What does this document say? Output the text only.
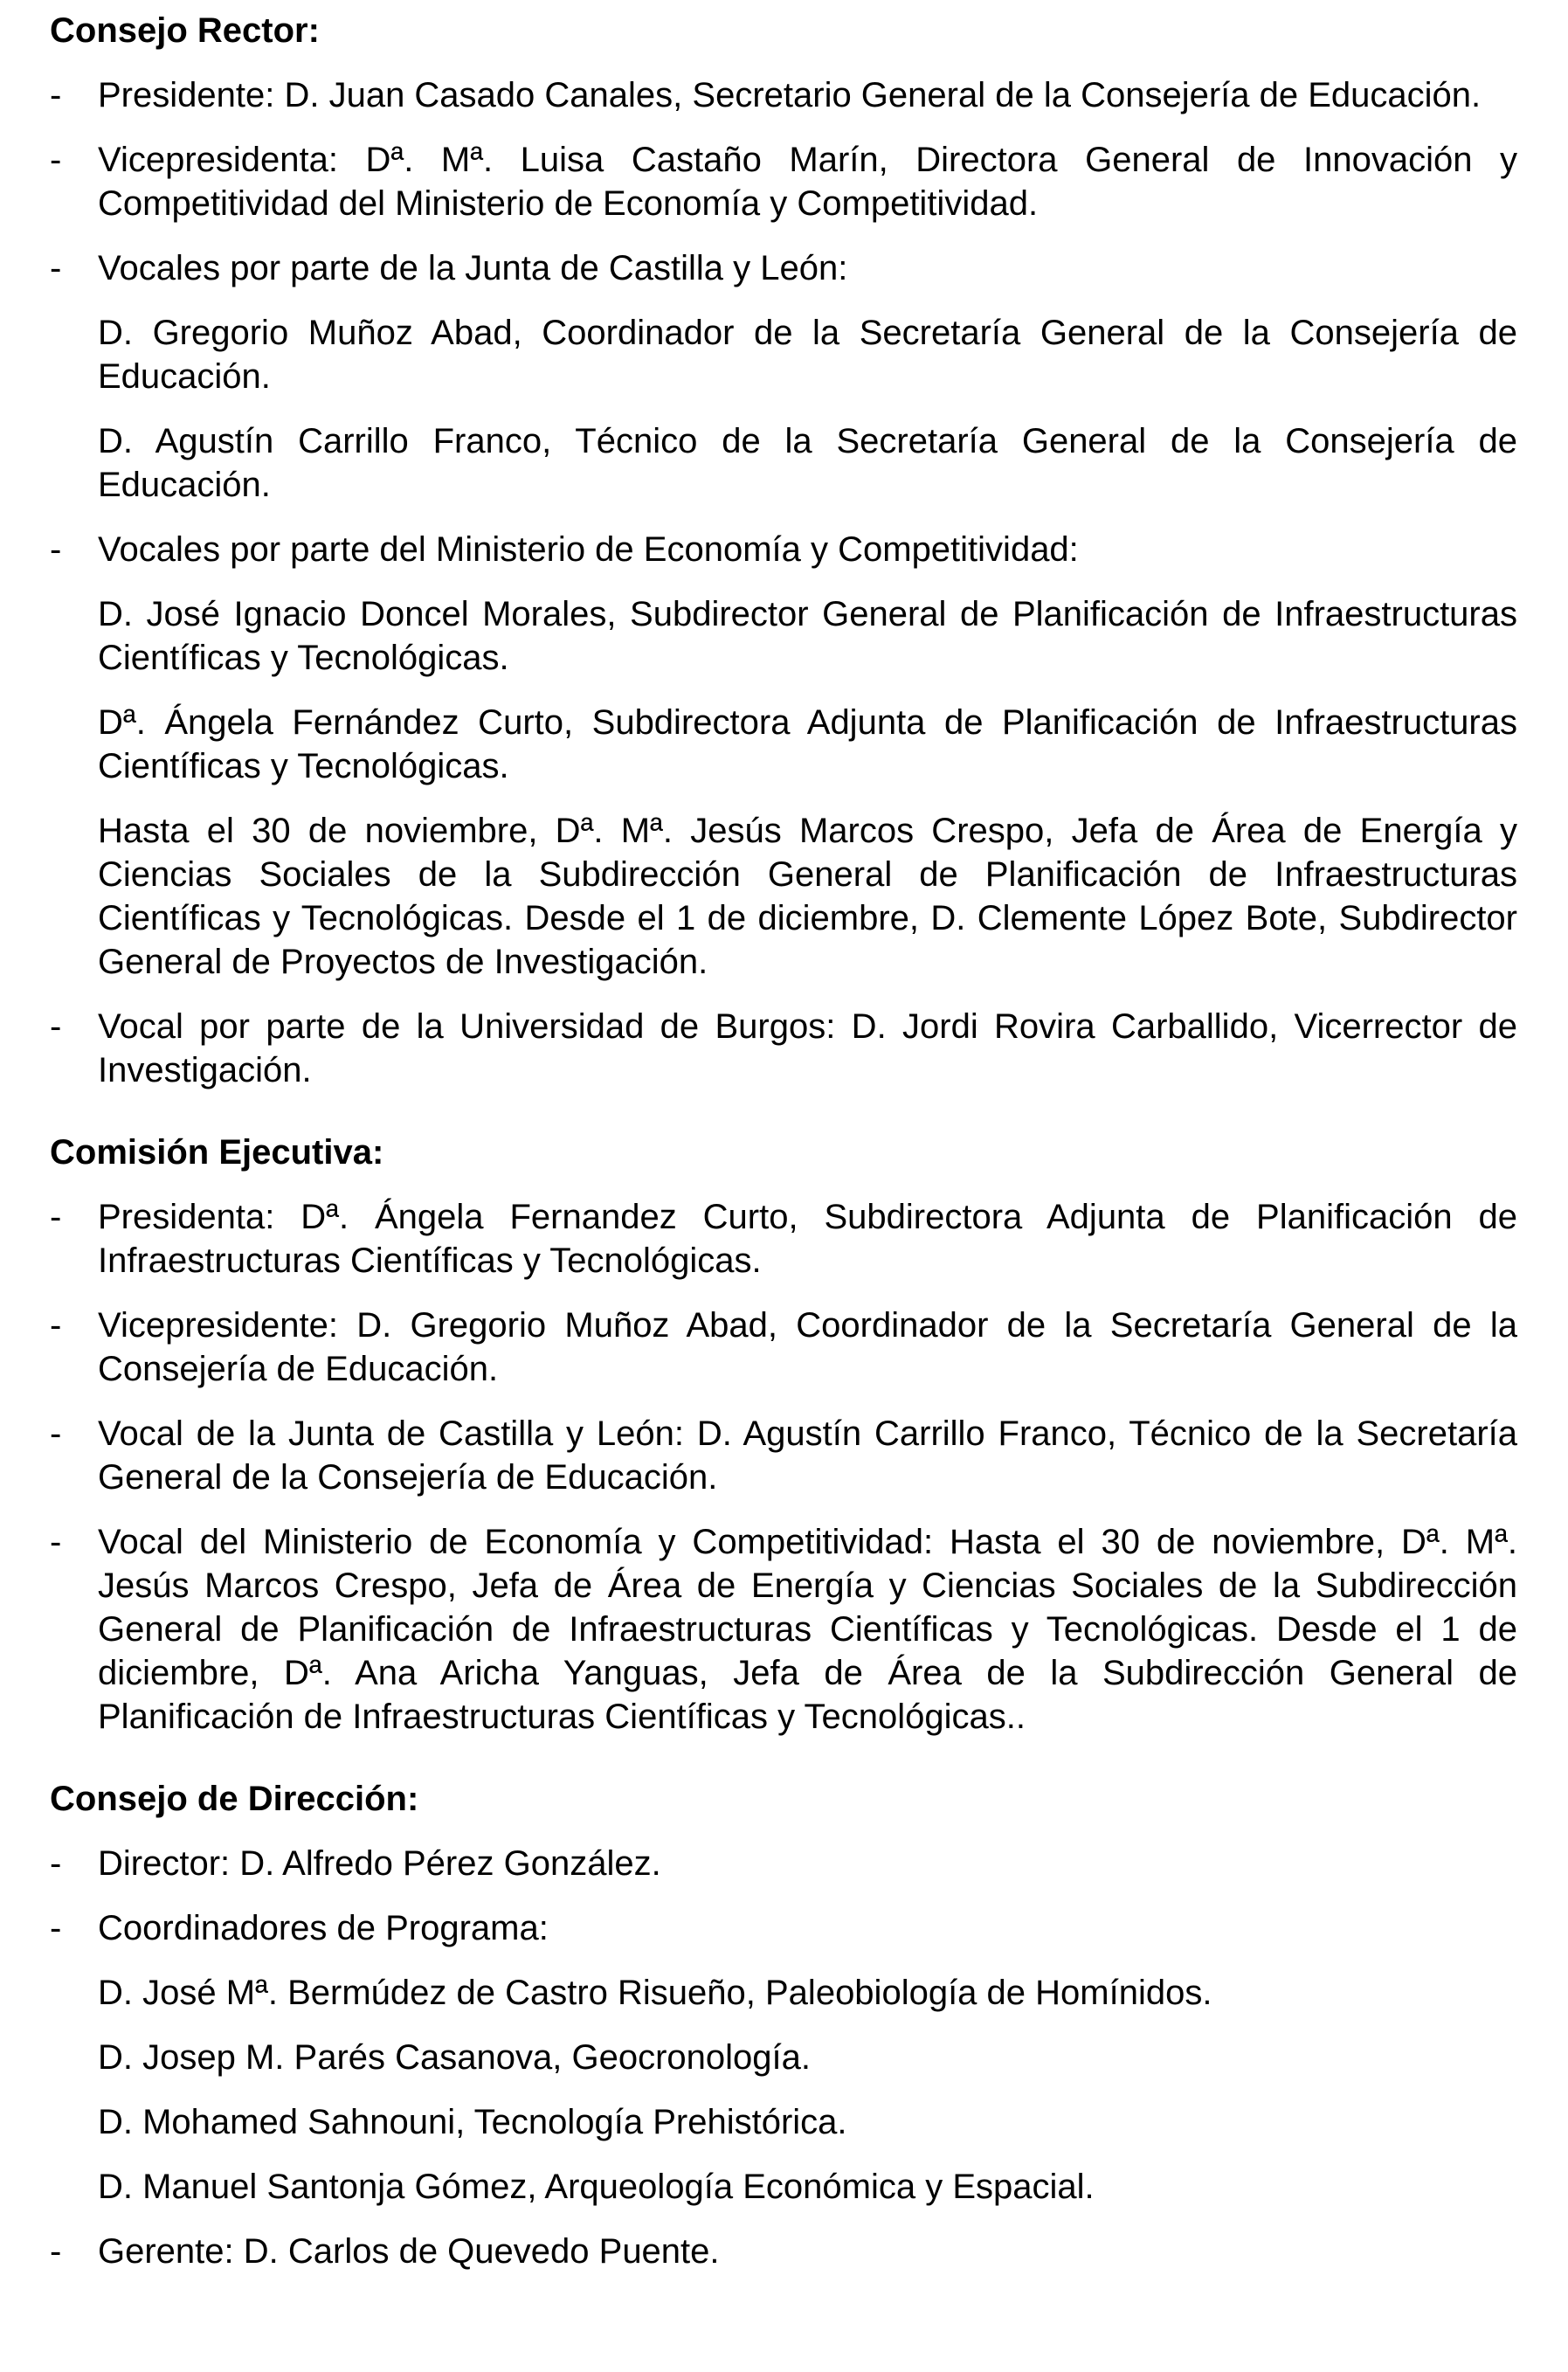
Consejo Rector:

- Presidente: D. Juan Casado Canales, Secretario General de la Consejería de Educación.
- Vicepresidenta: Dª. Mª. Luisa Castaño Marín, Directora General de Innovación y Competitividad del Ministerio de Economía y Competitividad.
- Vocales por parte de la Junta de Castilla y León:
D. Gregorio Muñoz Abad, Coordinador de la Secretaría General de la Consejería de Educación.
D. Agustín Carrillo Franco, Técnico de la Secretaría General de la Consejería de Educación.
- Vocales por parte del Ministerio de Economía y Competitividad:
D. José Ignacio Doncel Morales, Subdirector General de Planificación de Infraestructuras Científicas y Tecnológicas.
Dª. Ángela Fernández Curto, Subdirectora Adjunta de Planificación de Infraestructuras Científicas y Tecnológicas.
Hasta el 30 de noviembre, Dª. Mª. Jesús Marcos Crespo, Jefa de Área de Energía y Ciencias Sociales de la Subdirección General de Planificación de Infraestructuras Científicas y Tecnológicas. Desde el 1 de diciembre, D. Clemente López Bote, Subdirector General de Proyectos de Investigación.
- Vocal por parte de la Universidad de Burgos: D. Jordi Rovira Carballido, Vicerrector de Investigación.

Comisión Ejecutiva:

- Presidenta: Dª. Ángela Fernandez Curto, Subdirectora Adjunta de Planificación de Infraestructuras Científicas y Tecnológicas.
- Vicepresidente: D. Gregorio Muñoz Abad, Coordinador de la Secretaría General de la Consejería de Educación.
- Vocal de la Junta de Castilla y León: D. Agustín Carrillo Franco, Técnico de la Secretaría General de la Consejería de Educación.
- Vocal del Ministerio de Economía y Competitividad: Hasta el 30 de noviembre, Dª. Mª. Jesús Marcos Crespo, Jefa de Área de Energía y Ciencias Sociales de la Subdirección General de Planificación de Infraestructuras Científicas y Tecnológicas. Desde el 1 de diciembre, Dª. Ana Aricha Yanguas, Jefa de Área de la Subdirección General de Planificación de Infraestructuras Científicas y Tecnológicas..

Consejo de Dirección:

- Director: D. Alfredo Pérez González.
- Coordinadores de Programa:
D. José Mª. Bermúdez de Castro Risueño, Paleobiología de Homínidos.
D. Josep M. Parés Casanova, Geocronología.
D. Mohamed Sahnouni, Tecnología Prehistórica.
D. Manuel Santonja Gómez, Arqueología Económica y Espacial.
- Gerente: D. Carlos de Quevedo Puente.
